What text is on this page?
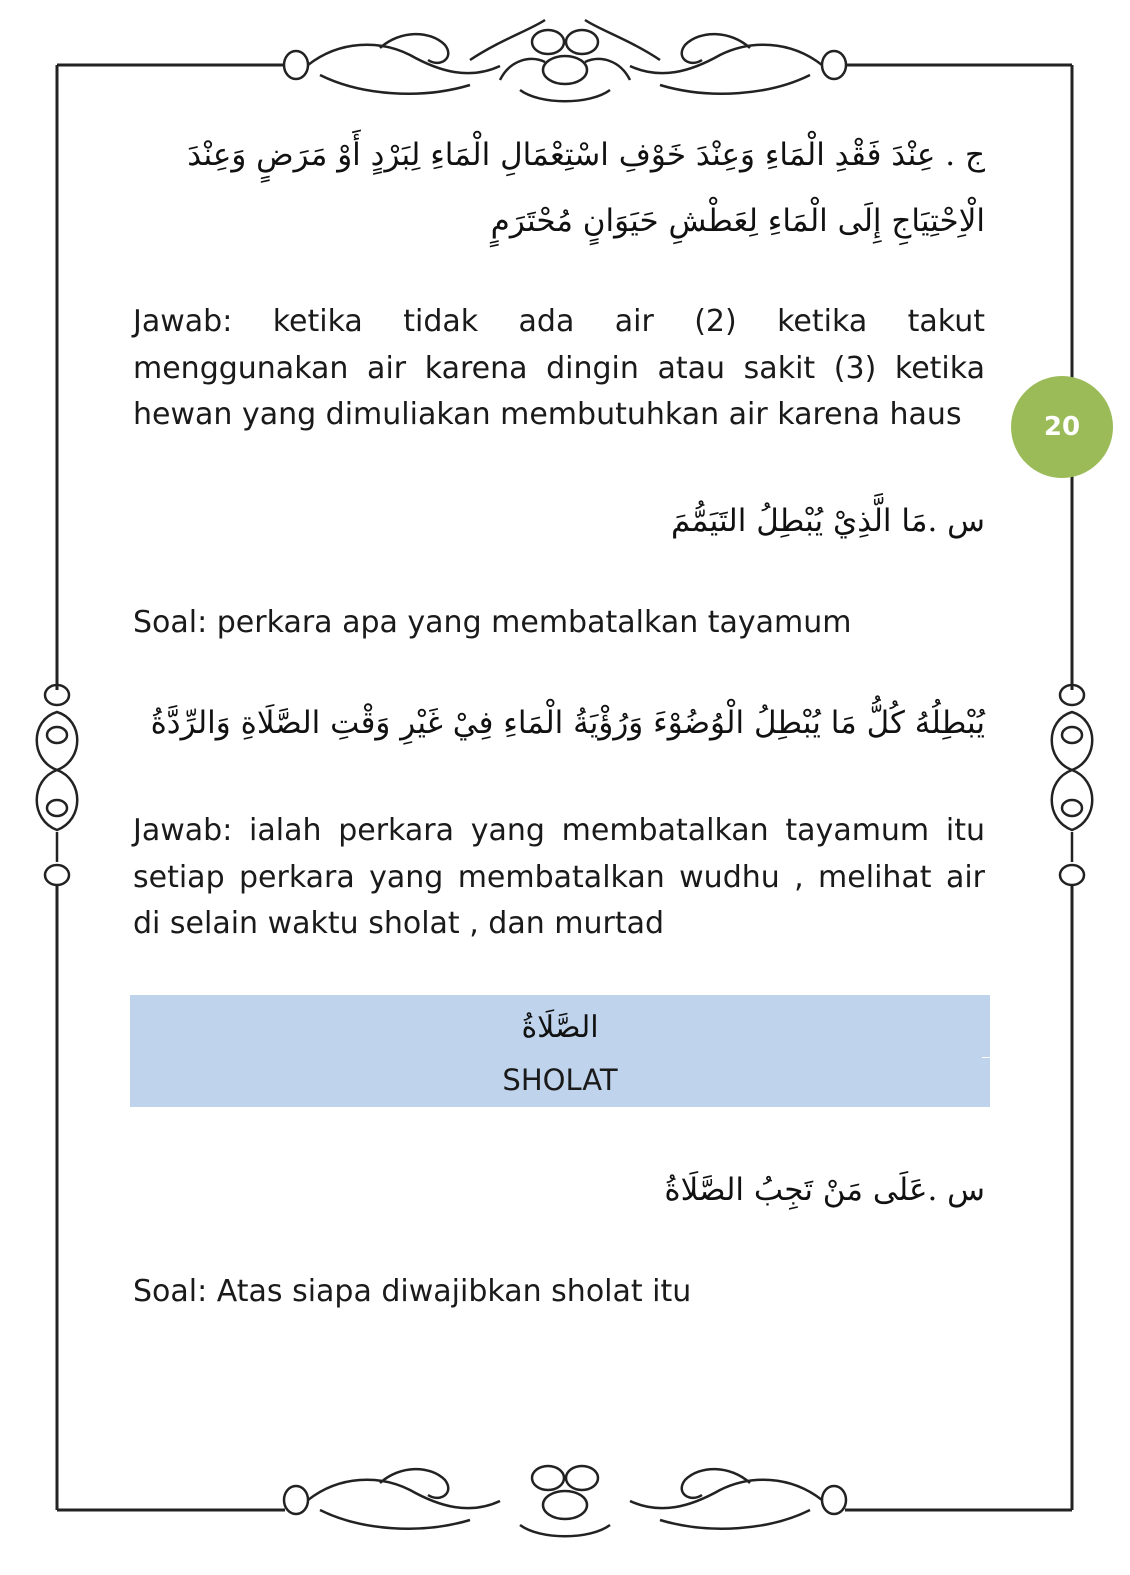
20
ج . عِنْدَ فَقْدِ الْمَاءِ وَعِنْدَ خَوْفِ اسْتِعْمَالِ الْمَاءِ لِبَرْدٍ أَوْ مَرَضٍ وَعِنْدَ الْاِحْتِيَاجِ إِلَى الْمَاءِ لِعَطْشِ حَيَوَانٍ مُحْتَرَمٍ
Jawab: ketika tidak ada air (2) ketika takut menggunakan air karena dingin atau sakit (3) ketika hewan yang dimuliakan membutuhkan air karena haus
س .مَا الَّذِيْ يُبْطِلُ التَيَمُّمَ
Soal: perkara apa yang membatalkan tayamum
يُبْطِلُهُ كُلُّ مَا يُبْطِلُ الْوُضُوْءَ وَرُؤْيَةُ الْمَاءِ فِيْ غَيْرِ وَقْتِ الصَّلَاةِ وَالرِّدَّةُ
Jawab: ialah perkara yang membatalkan tayamum itu setiap perkara yang membatalkan wudhu , melihat air di selain waktu sholat , dan murtad
س .عَلَى مَنْ تَجِبُ الصَّلَاةُ
Soal: Atas siapa diwajibkan sholat itu
الصَّلَاةُ
SHOLAT
